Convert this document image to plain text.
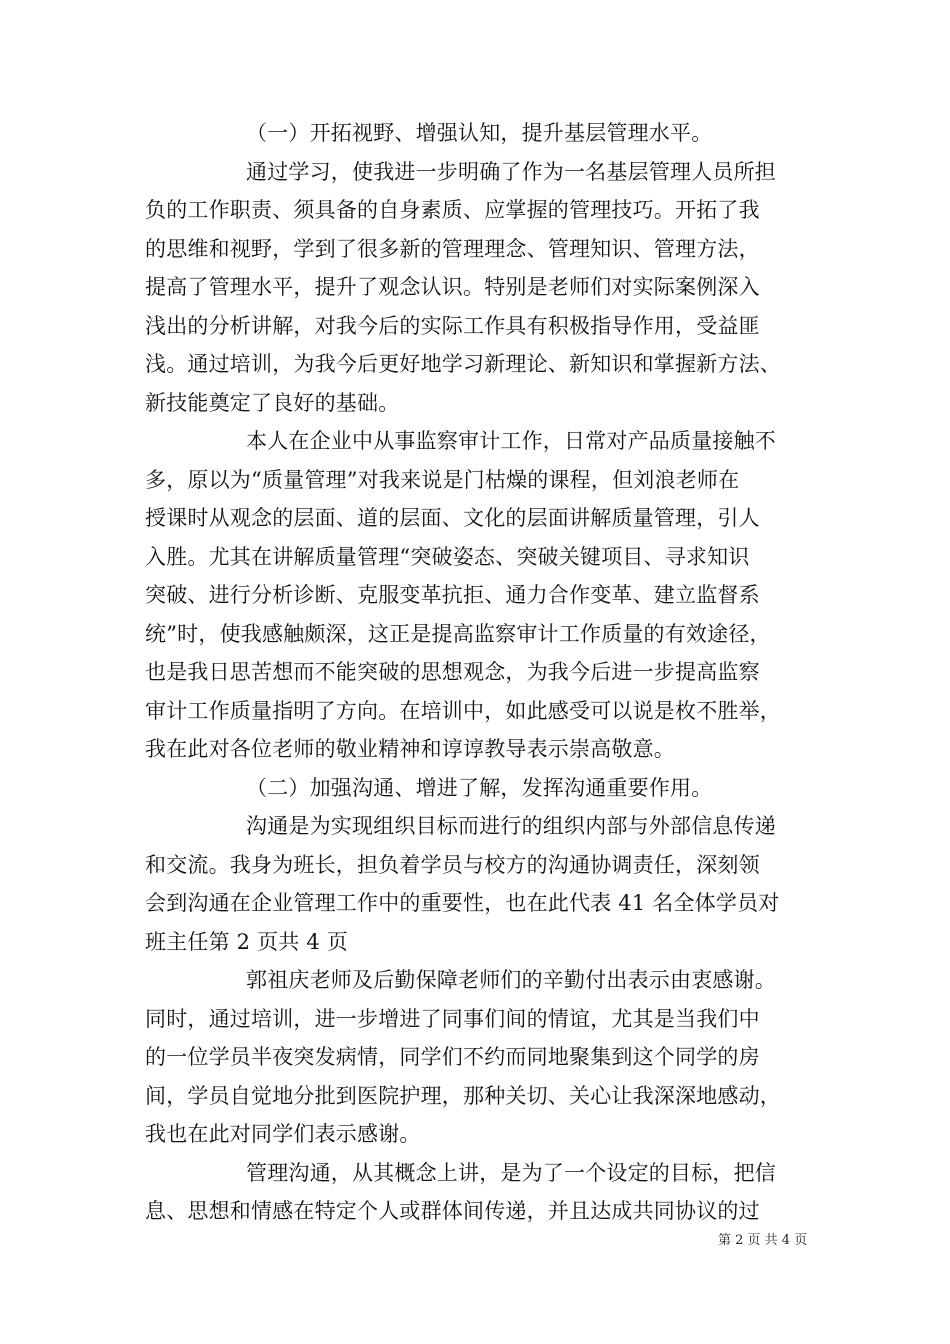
（一）开拓视野、增强认知，提升基层管理水平。
通过学习，使我进一步明确了作为一名基层管理人员所担
负的工作职责、须具备的自身素质、应掌握的管理技巧。开拓了我
的思维和视野，学到了很多新的管理理念、管理知识、管理方法，
提高了管理水平，提升了观念认识。特别是老师们对实际案例深入
浅出的分析讲解，对我今后的实际工作具有积极指导作用，受益匪
浅。通过培训，为我今后更好地学习新理论、新知识和掌握新方法、
新技能奠定了良好的基础。
本人在企业中从事监察审计工作，日常对产品质量接触不
多，原以为“质量管理”对我来说是门枯燥的课程，但刘浪老师在
授课时从观念的层面、道的层面、文化的层面讲解质量管理，引人
入胜。尤其在讲解质量管理“突破姿态、突破关键项目、寻求知识
突破、进行分析诊断、克服变革抗拒、通力合作变革、建立监督系
统”时，使我感触颇深，这正是提高监察审计工作质量的有效途径，
也是我日思苦想而不能突破的思想观念，为我今后进一步提高监察
审计工作质量指明了方向。在培训中，如此感受可以说是枚不胜举，
我在此对各位老师的敬业精神和谆谆教导表示崇高敬意。
（二）加强沟通、增进了解，发挥沟通重要作用。
沟通是为实现组织目标而进行的组织内部与外部信息传递
和交流。我身为班长，担负着学员与校方的沟通协调责任，深刻领
会到沟通在企业管理工作中的重要性，也在此代表 41 名全体学员对
班主任第 2 页共 4 页
郭祖庆老师及后勤保障老师们的辛勤付出表示由衷感谢。
同时，通过培训，进一步增进了同事们间的情谊，尤其是当我们中
的一位学员半夜突发病情，同学们不约而同地聚集到这个同学的房
间，学员自觉地分批到医院护理，那种关切、关心让我深深地感动，
我也在此对同学们表示感谢。
管理沟通，从其概念上讲，是为了一个设定的目标，把信
息、思想和情感在特定个人或群体间传递，并且达成共同协议的过
第 2 页 共 4 页
